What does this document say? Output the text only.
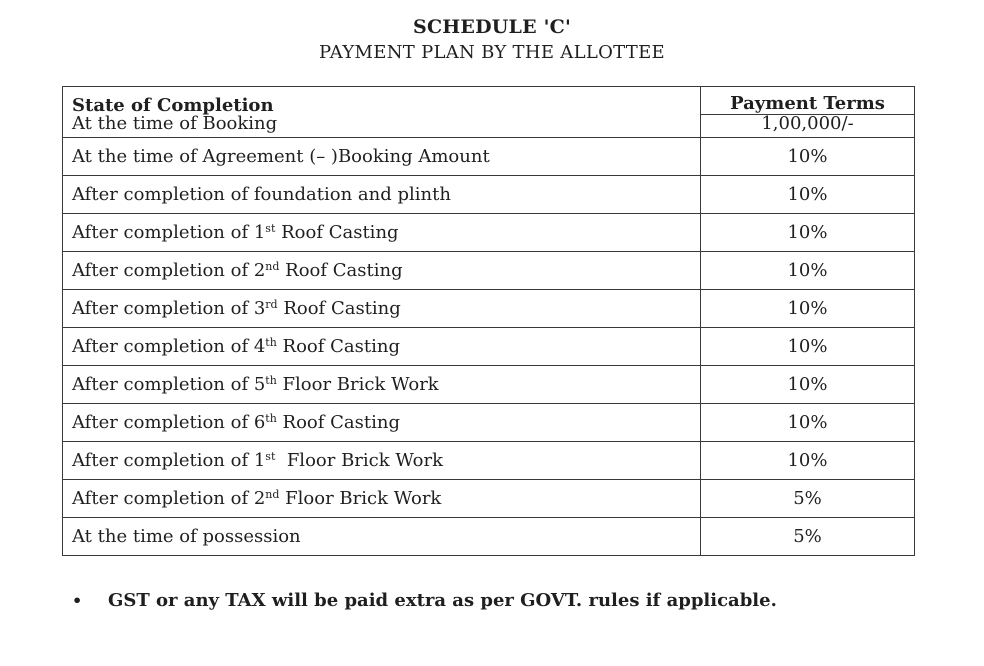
SCHEDULE 'C'
PAYMENT PLAN BY THE ALLOTTEE
State of Completion	Payment Terms
At the time of Booking	1,00,000/-
At the time of Agreement (– )Booking Amount	10%
After completion of foundation and plinth	10%
After completion of 1st Roof Casting	10%
After completion of 2nd Roof Casting	10%
After completion of 3rd Roof Casting	10%
After completion of 4th Roof Casting	10%
After completion of 5th Floor Brick Work	10%
After completion of 6th Roof Casting	10%
After completion of 1st  Floor Brick Work	10%
After completion of 2nd Floor Brick Work	5%
At the time of possession	5%
• GST or any TAX will be paid extra as per GOVT. rules if applicable.
